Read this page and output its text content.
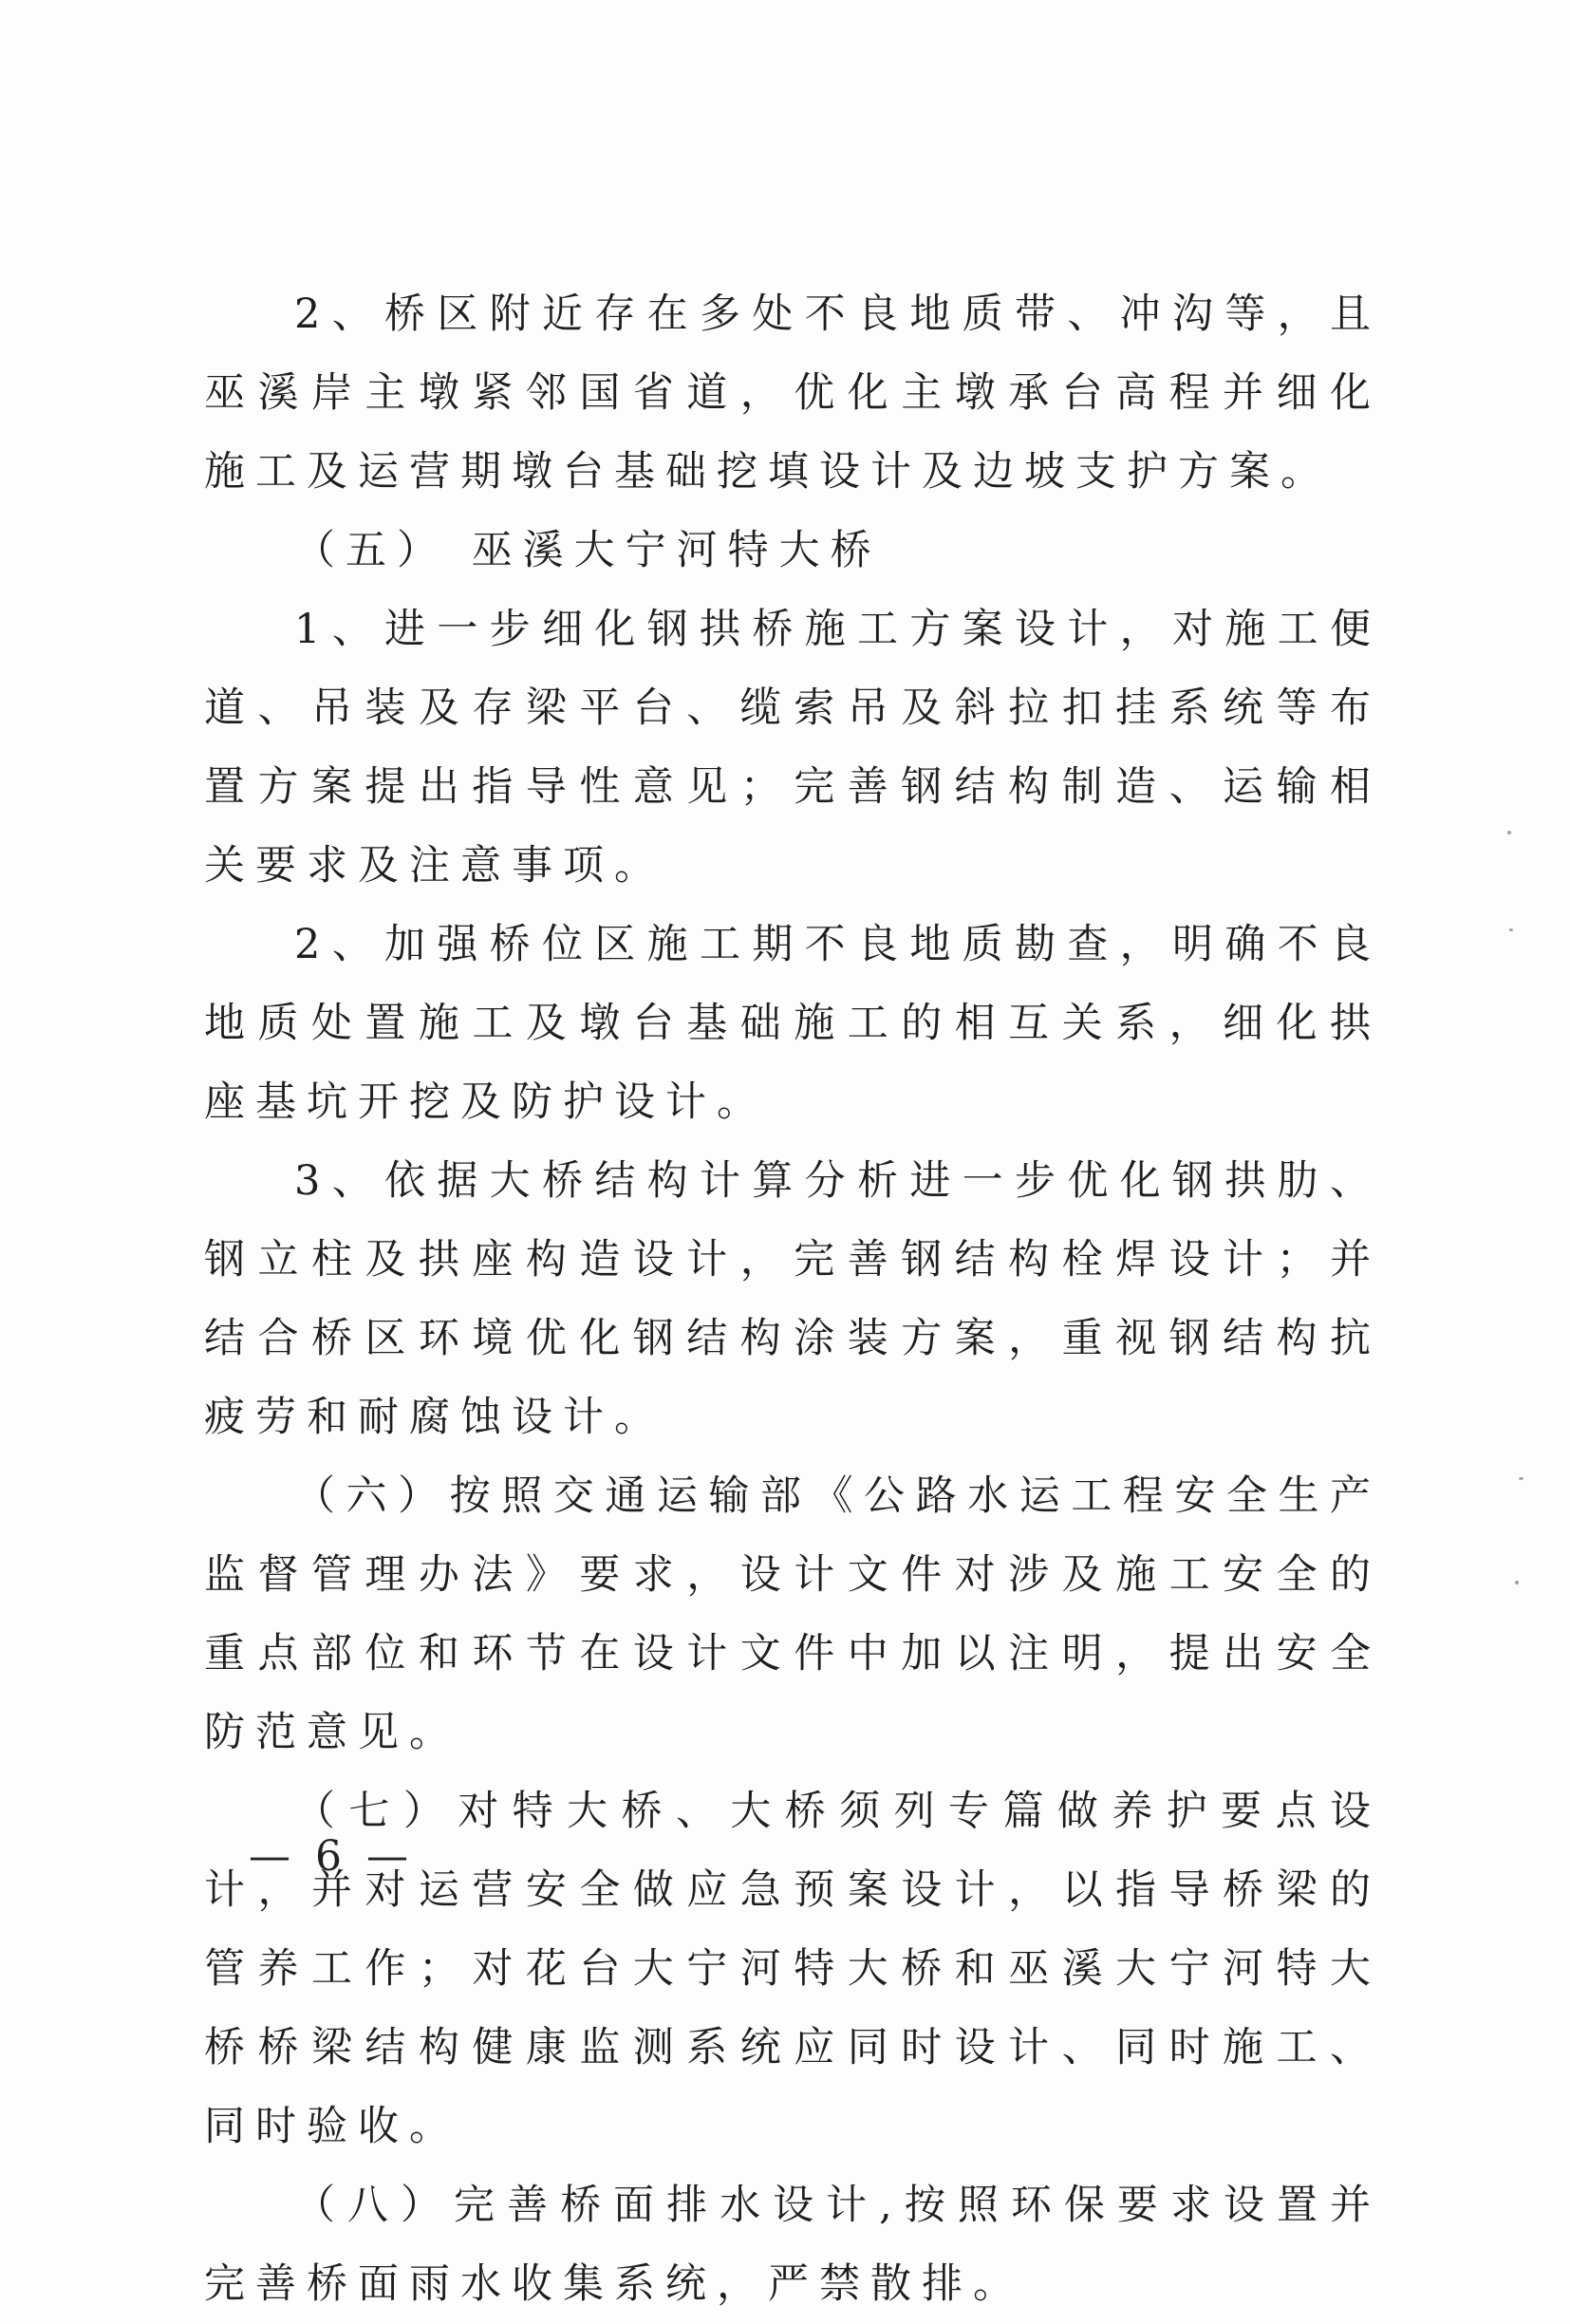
2、桥区附近存在多处不良地质带、冲沟等，且巫溪岸主墩紧邻国省道，优化主墩承台高程并细化施工及运营期墩台基础挖填设计及边坡支护方案。

（五） 巫溪大宁河特大桥

1、进一步细化钢拱桥施工方案设计，对施工便道、吊装及存梁平台、缆索吊及斜拉扣挂系统等布置方案提出指导性意见；完善钢结构制造、运输相关要求及注意事项。

2、加强桥位区施工期不良地质勘查，明确不良地质处置施工及墩台基础施工的相互关系，细化拱座基坑开挖及防护设计。

3、依据大桥结构计算分析进一步优化钢拱肋、钢立柱及拱座构造设计，完善钢结构栓焊设计；并结合桥区环境优化钢结构涂装方案，重视钢结构抗疲劳和耐腐蚀设计。

（六）按照交通运输部《公路水运工程安全生产监督管理办法》要求，设计文件对涉及施工安全的重点部位和环节在设计文件中加以注明，提出安全防范意见。

（七）对特大桥、大桥须列专篇做养护要点设计，并对运营安全做应急预案设计，以指导桥梁的管养工作；对花台大宁河特大桥和巫溪大宁河特大桥桥梁结构健康监测系统应同时设计、同时施工、同时验收。

（八）完善桥面排水设计,按照环保要求设置并完善桥面雨水收集系统，严禁散排。

— 6 —
